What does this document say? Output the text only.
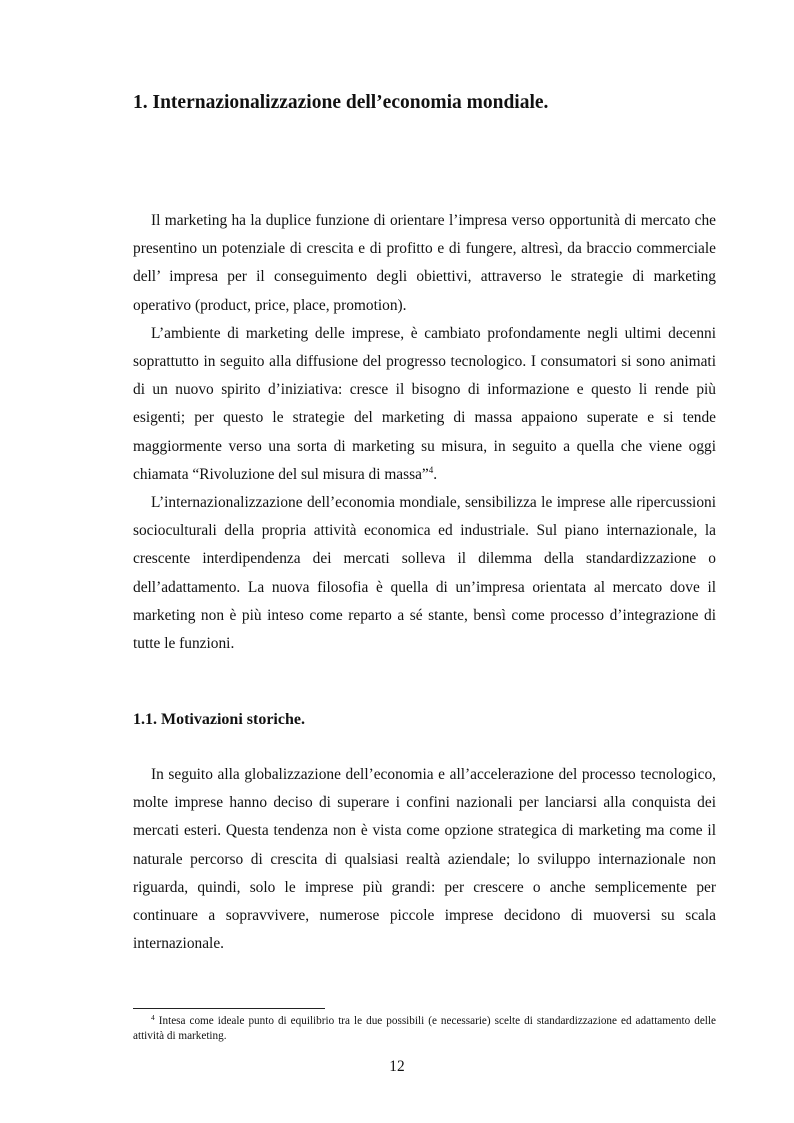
1. Internazionalizzazione dell’economia mondiale.

Il marketing ha la duplice funzione di orientare l’impresa verso opportunità di mercato che presentino un potenziale di crescita e di profitto e di fungere, altresì, da braccio commerciale dell’ impresa per il conseguimento degli obiettivi, attraverso le strategie di marketing operativo (product, price, place, promotion).

L’ambiente di marketing delle imprese, è cambiato profondamente negli ultimi decenni soprattutto in seguito alla diffusione del progresso tecnologico. I consumatori si sono animati di un nuovo spirito d’iniziativa: cresce il bisogno di informazione e questo li rende più esigenti; per questo le strategie del marketing di massa appaiono superate e si tende maggiormente verso una sorta di marketing su misura, in seguito a quella che viene oggi chiamata “Rivoluzione del sul misura di massa”$^4$.

L’internazionalizzazione dell’economia mondiale, sensibilizza le imprese alle ripercussioni socioculturali della propria attività economica ed industriale. Sul piano internazionale, la crescente interdipendenza dei mercati solleva il dilemma della standardizzazione o dell’adattamento. La nuova filosofia è quella di un’impresa orientata al mercato dove il marketing non è più inteso come reparto a sé stante, bensì come processo d’integrazione di tutte le funzioni.

1.1. Motivazioni storiche.

In seguito alla globalizzazione dell’economia e all’accelerazione del processo tecnologico, molte imprese hanno deciso di superare i confini nazionali per lanciarsi alla conquista dei mercati esteri. Questa tendenza non è vista come opzione strategica di marketing ma come il naturale percorso di crescita di qualsiasi realtà aziendale; lo sviluppo internazionale non riguarda, quindi, solo le imprese più grandi: per crescere o anche semplicemente per continuare a sopravvivere, numerose piccole imprese decidono di muoversi su scala internazionale.

$^4$ Intesa come ideale punto di equilibrio tra le due possibili (e necessarie) scelte di standardizzazione ed adattamento delle attività di marketing.

12
